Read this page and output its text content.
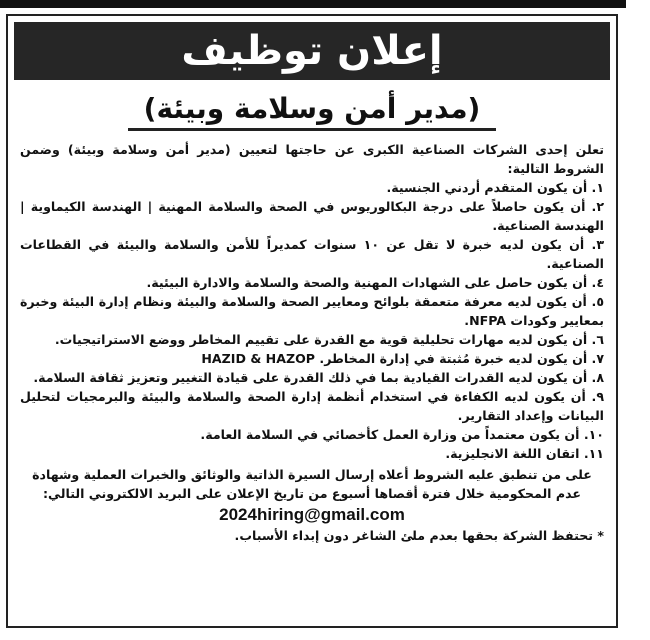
إعلان توظيف
(مدير أمن وسلامة وبيئة)
تعلن إحدى الشركات الصناعية الكبرى عن حاجتها لتعيين (مدير أمن وسلامة وبيئة) وضمن الشروط التالية:
١. أن يكون المتقدم أردني الجنسية.
٢. أن يكون حاصلاً على درجة البكالوريوس في الصحة والسلامة المهنية | الهندسة الكيماوية | الهندسة الصناعية.
٣. أن يكون لديه خبرة لا تقل عن ١٠ سنوات كمديراً للأمن والسلامة والبيئة في القطاعات الصناعية.
٤. أن يكون حاصل على الشهادات المهنية والصحة والسلامة والادارة البيئية.
٥. أن يكون لديه معرفة متعمقة بلوائح ومعايير الصحة والسلامة والبيئة ونظام إدارة البيئة وخبرة بمعايير وكودات NFPA.
٦. أن يكون لديه مهارات تحليلية قوية مع القدرة على تقييم المخاطر ووضع الاستراتيجيات.
٧. أن يكون لديه خبرة مُثبتة في إدارة المخاطر. HAZID & HAZOP
٨. أن يكون لديه القدرات القيادية بما في ذلك القدرة على قيادة التغيير وتعزيز ثقافة السلامة.
٩. أن يكون لديه الكفاءة في استخدام أنظمة إدارة الصحة والسلامة والبيئة والبرمجيات لتحليل البيانات وإعداد التقارير.
١٠. أن يكون معتمداً من وزارة العمل كأخصائي في السلامة العامة.
١١. اتقان اللغة الانجليزية.
على من تنطبق عليه الشروط أعلاه إرسال السيرة الذاتية والوثائق والخبرات العملية وشهادة عدم المحكومية خلال فترة أقصاها أسبوع من تاريخ الإعلان على البريد الالكتروني التالي:
2024hiring@gmail.com
* تحتفظ الشركة بحقها بعدم ملئ الشاغر دون إبداء الأسباب.
